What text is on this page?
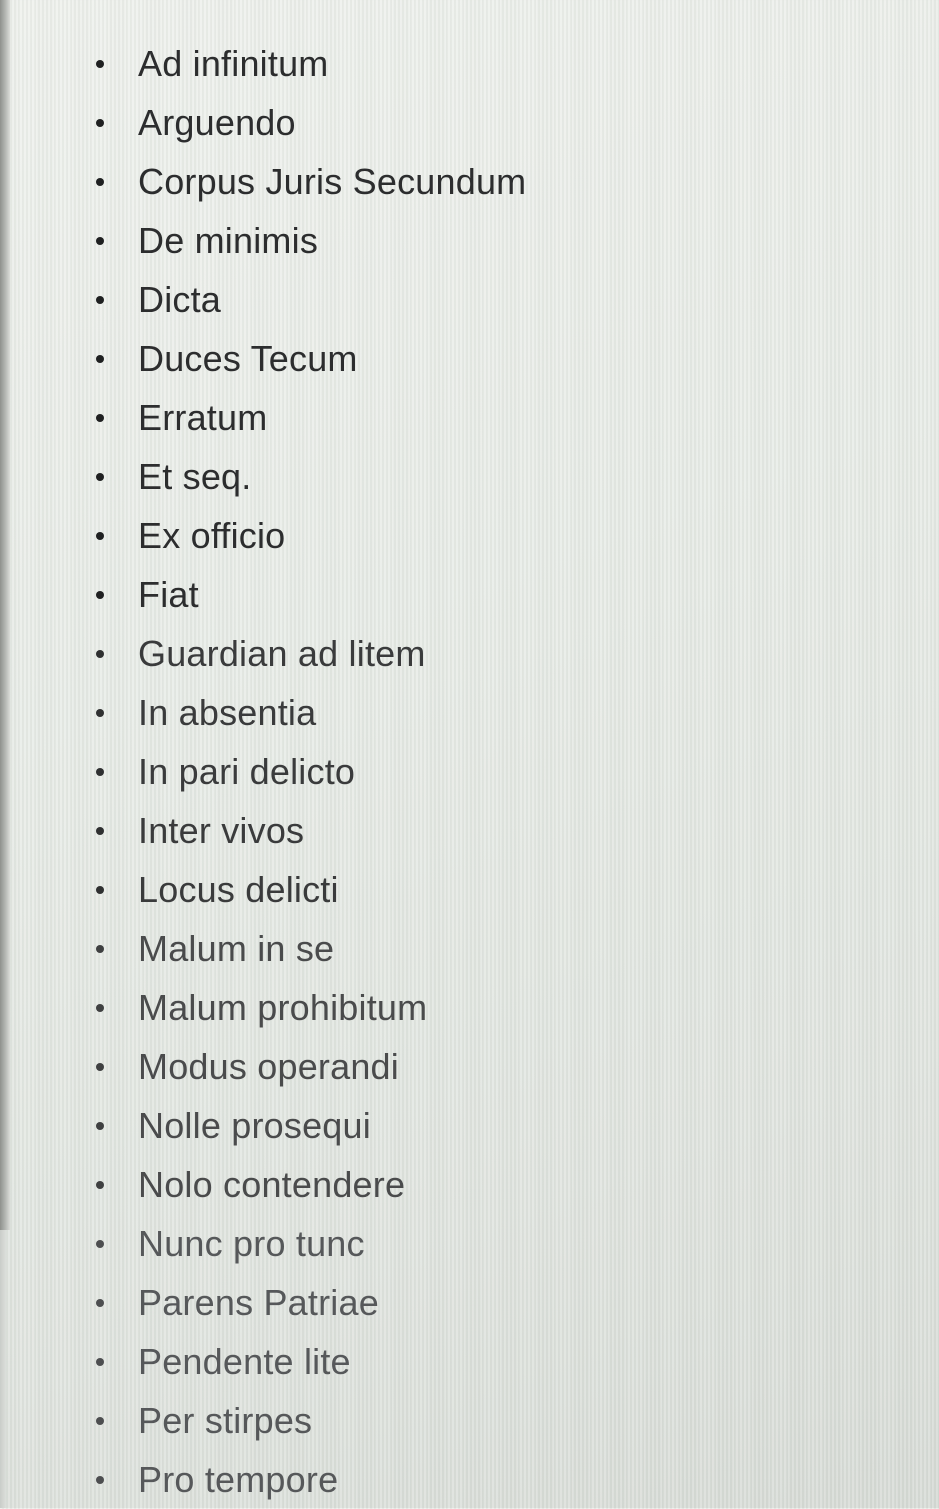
Ad infinitum
Arguendo
Corpus Juris Secundum
De minimis
Dicta
Duces Tecum
Erratum
Et seq.
Ex officio
Fiat
Guardian ad litem
In absentia
In pari delicto
Inter vivos
Locus delicti
Malum in se
Malum prohibitum
Modus operandi
Nolle prosequi
Nolo contendere
Nunc pro tunc
Parens Patriae
Pendente lite
Per stirpes
Pro tempore
